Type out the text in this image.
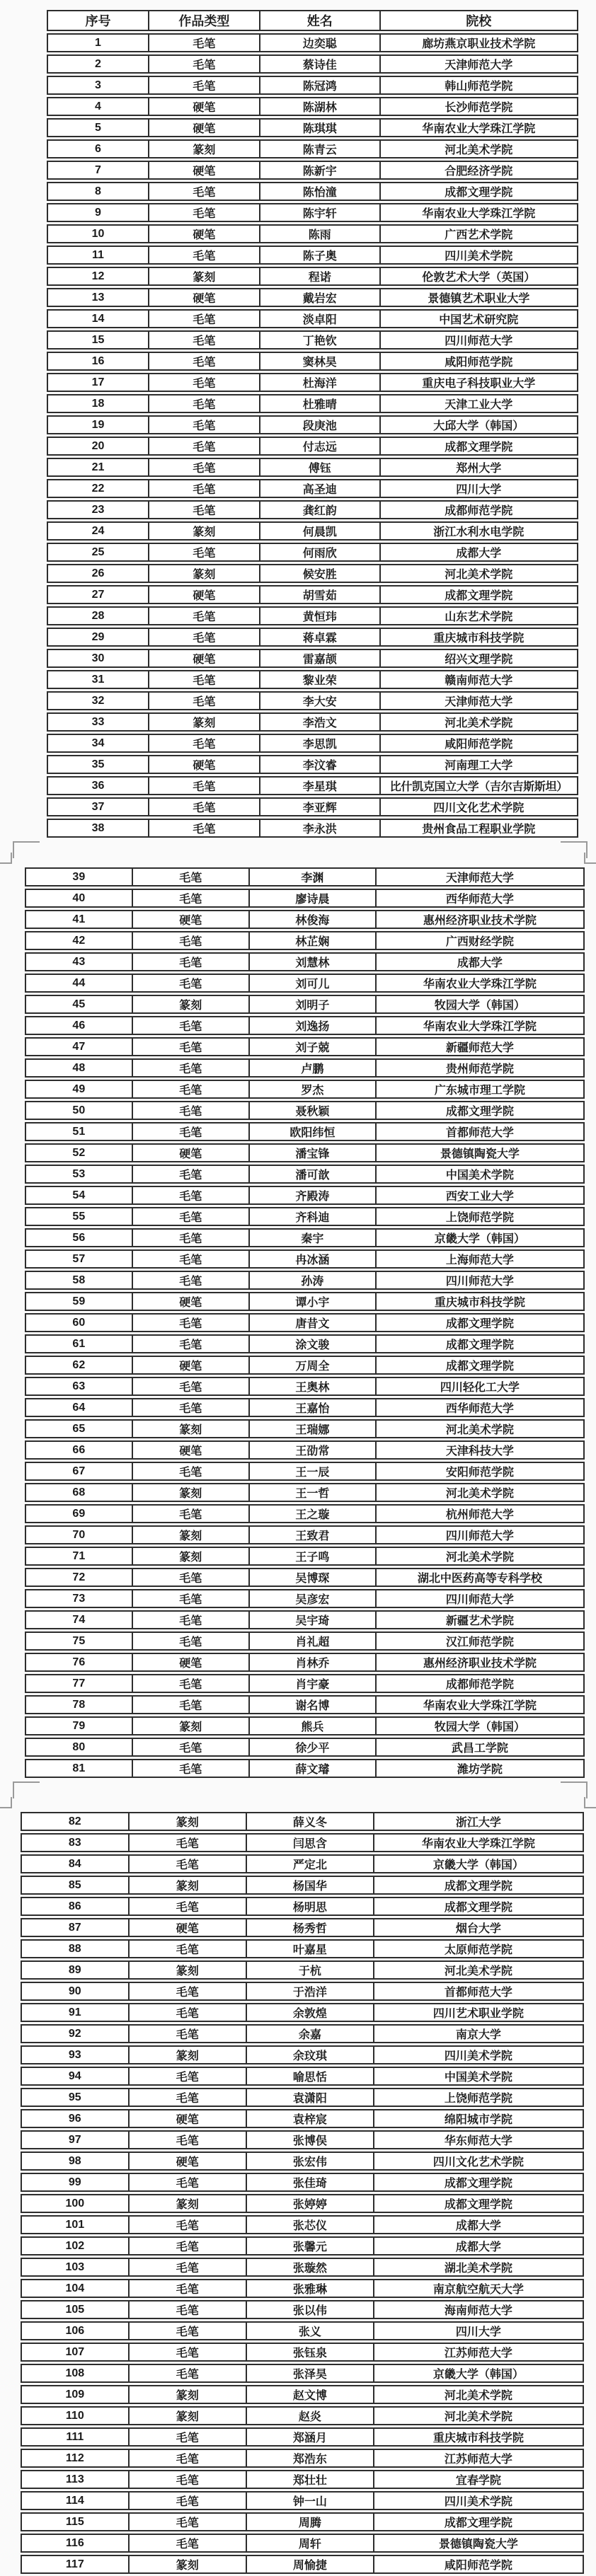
序号	作品类型	姓名	院校
1	毛笔	边奕聪	廊坊燕京职业技术学院
2	毛笔	蔡诗佳	天津师范大学
3	毛笔	陈冠鸿	韩山师范学院
4	硬笔	陈湖林	长沙师范学院
5	硬笔	陈琪琪	华南农业大学珠江学院
6	篆刻	陈青云	河北美术学院
7	硬笔	陈新宇	合肥经济学院
8	毛笔	陈怡潼	成都文理学院
9	毛笔	陈宇轩	华南农业大学珠江学院
10	硬笔	陈雨	广西艺术学院
11	毛笔	陈子奥	四川美术学院
12	篆刻	程诺	伦敦艺术大学（英国）
13	硬笔	戴岩宏	景德镇艺术职业大学
14	毛笔	淡卓阳	中国艺术研究院
15	毛笔	丁艳钦	四川师范大学
16	毛笔	窦林昊	咸阳师范学院
17	毛笔	杜海洋	重庆电子科技职业大学
18	毛笔	杜雅晴	天津工业大学
19	毛笔	段庚池	大邱大学（韩国）
20	毛笔	付志远	成都文理学院
21	毛笔	傅钰	郑州大学
22	毛笔	高圣迪	四川大学
23	毛笔	龚红韵	成都师范学院
24	篆刻	何晨凯	浙江水利水电学院
25	毛笔	何雨欣	成都大学
26	篆刻	候安胜	河北美术学院
27	硬笔	胡雪茹	成都文理学院
28	毛笔	黄恒玮	山东艺术学院
29	毛笔	蒋卓霖	重庆城市科技学院
30	硬笔	雷嘉颉	绍兴文理学院
31	毛笔	黎业荣	赣南师范大学
32	毛笔	李大安	天津师范大学
33	篆刻	李浩文	河北美术学院
34	毛笔	李思凯	咸阳师范学院
35	硬笔	李汶睿	河南理工大学
36	毛笔	李星琪	比什凯克国立大学（吉尔吉斯斯坦）
37	毛笔	李亚辉	四川文化艺术学院
38	毛笔	李永洪	贵州食品工程职业学院
39	毛笔	李渊	天津师范大学
40	毛笔	廖诗晨	西华师范大学
41	硬笔	林俊海	惠州经济职业技术学院
42	毛笔	林芷娴	广西财经学院
43	毛笔	刘慧林	成都大学
44	毛笔	刘可儿	华南农业大学珠江学院
45	篆刻	刘明子	牧园大学（韩国）
46	毛笔	刘逸扬	华南农业大学珠江学院
47	毛笔	刘子兢	新疆师范大学
48	毛笔	卢鹏	贵州师范学院
49	毛笔	罗杰	广东城市理工学院
50	毛笔	聂秋颖	成都文理学院
51	毛笔	欧阳纬恒	首都师范大学
52	硬笔	潘宝锋	景德镇陶瓷大学
53	毛笔	潘可歆	中国美术学院
54	毛笔	齐殿涛	西安工业大学
55	毛笔	齐科迪	上饶师范学院
56	毛笔	秦宇	京畿大学（韩国）
57	毛笔	冉冰涵	上海师范大学
58	毛笔	孙涛	四川师范大学
59	硬笔	谭小宇	重庆城市科技学院
60	毛笔	唐昔文	成都文理学院
61	毛笔	涂文骏	成都文理学院
62	硬笔	万周全	成都文理学院
63	毛笔	王奥林	四川轻化工大学
64	毛笔	王嘉怡	西华师范大学
65	篆刻	王瑞娜	河北美术学院
66	硬笔	王劭常	天津科技大学
67	毛笔	王一辰	安阳师范学院
68	篆刻	王一哲	河北美术学院
69	毛笔	王之璇	杭州师范大学
70	篆刻	王致君	四川师范大学
71	篆刻	王子鸣	河北美术学院
72	毛笔	吴博琛	湖北中医药高等专科学校
73	毛笔	吴彦宏	四川师范大学
74	毛笔	吴宇琦	新疆艺术学院
75	毛笔	肖礼超	汉江师范学院
76	硬笔	肖林乔	惠州经济职业技术学院
77	毛笔	肖宇豪	成都师范学院
78	毛笔	谢名博	华南农业大学珠江学院
79	篆刻	熊兵	牧园大学（韩国）
80	毛笔	徐少平	武昌工学院
81	毛笔	薛文璿	潍坊学院
82	篆刻	薛义冬	浙江大学
83	毛笔	闫思含	华南农业大学珠江学院
84	毛笔	严定北	京畿大学（韩国）
85	篆刻	杨国华	成都文理学院
86	毛笔	杨明思	成都文理学院
87	硬笔	杨秀哲	烟台大学
88	毛笔	叶嘉星	太原师范学院
89	篆刻	于杭	河北美术学院
90	毛笔	于浩洋	首都师范大学
91	毛笔	余敦煌	四川艺术职业学院
92	毛笔	余嘉	南京大学
93	篆刻	余玟琪	四川美术学院
94	毛笔	喻思恬	中国美术学院
95	毛笔	袁潇阳	上饶师范学院
96	硬笔	袁梓宸	绵阳城市学院
97	毛笔	张博俣	华东师范大学
98	硬笔	张宏伟	四川文化艺术学院
99	毛笔	张佳琦	成都文理学院
100	篆刻	张婷婷	成都文理学院
101	毛笔	张芯仪	成都大学
102	毛笔	张馨元	成都大学
103	毛笔	张璇然	湖北美术学院
104	毛笔	张雅琳	南京航空航天大学
105	毛笔	张以伟	海南师范大学
106	毛笔	张义	四川大学
107	毛笔	张钰泉	江苏师范大学
108	毛笔	张泽昊	京畿大学（韩国）
109	篆刻	赵文博	河北美术学院
110	篆刻	赵炎	河北美术学院
111	毛笔	郑涵月	重庆城市科技学院
112	毛笔	郑浩东	江苏师范大学
113	毛笔	郑壮壮	宜春学院
114	毛笔	钟一山	四川美术学院
115	毛笔	周腾	成都文理学院
116	毛笔	周轩	景德镇陶瓷大学
117	篆刻	周愉捷	咸阳师范学院
